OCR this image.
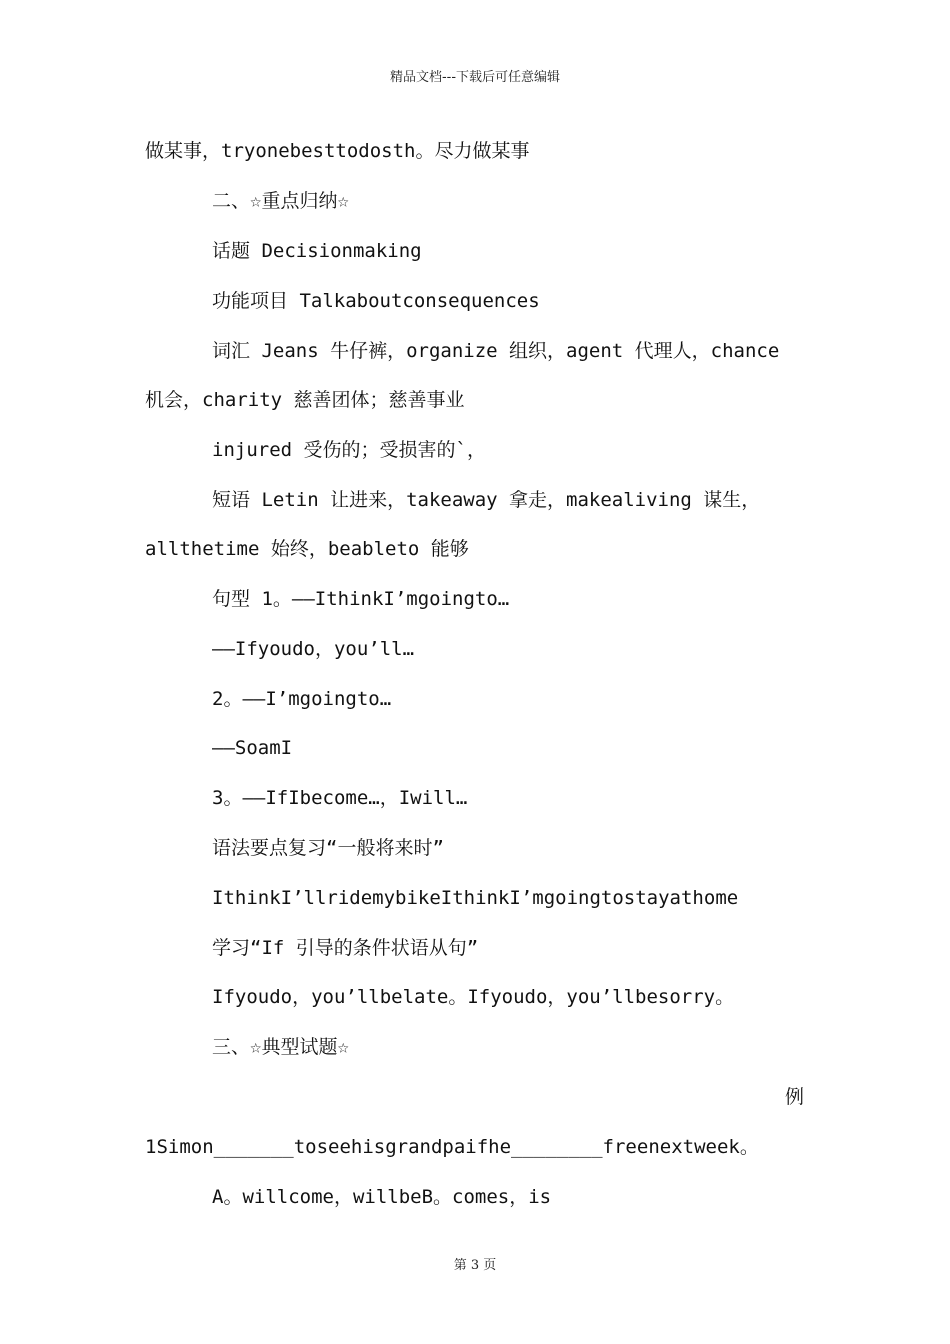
精品文档---下载后可任意编辑
做某事，tryonebesttodosth。尽力做某事
二、☆重点归纳☆
话题 Decisionmaking
功能项目 Talkaboutconsequences
词汇 Jeans 牛仔裤，organize 组织，agent 代理人，chance
机会，charity 慈善团体；慈善事业
injured 受伤的；受损害的`，
短语 Letin 让进来，takeaway 拿走，makealiving 谋生，
allthetime 始终，beableto 能够
句型 1。——IthinkI’mgoingto…
——Ifyoudo，you’ll…
2。——I’mgoingto…
——SoamI
3。——IfIbecome…，Iwill…
语法要点复习“一般将来时”
IthinkI’llridemybikeIthinkI’mgoingtostayathome
学习“If 引导的条件状语从句”
Ifyoudo，you’llbelate。Ifyoudo，you’llbesorry。
三、☆典型试题☆
例
1Simon_______toseehisgrandpaifhe________freenextweek。
A。willcome，willbeB。comes，is
第 3 页
